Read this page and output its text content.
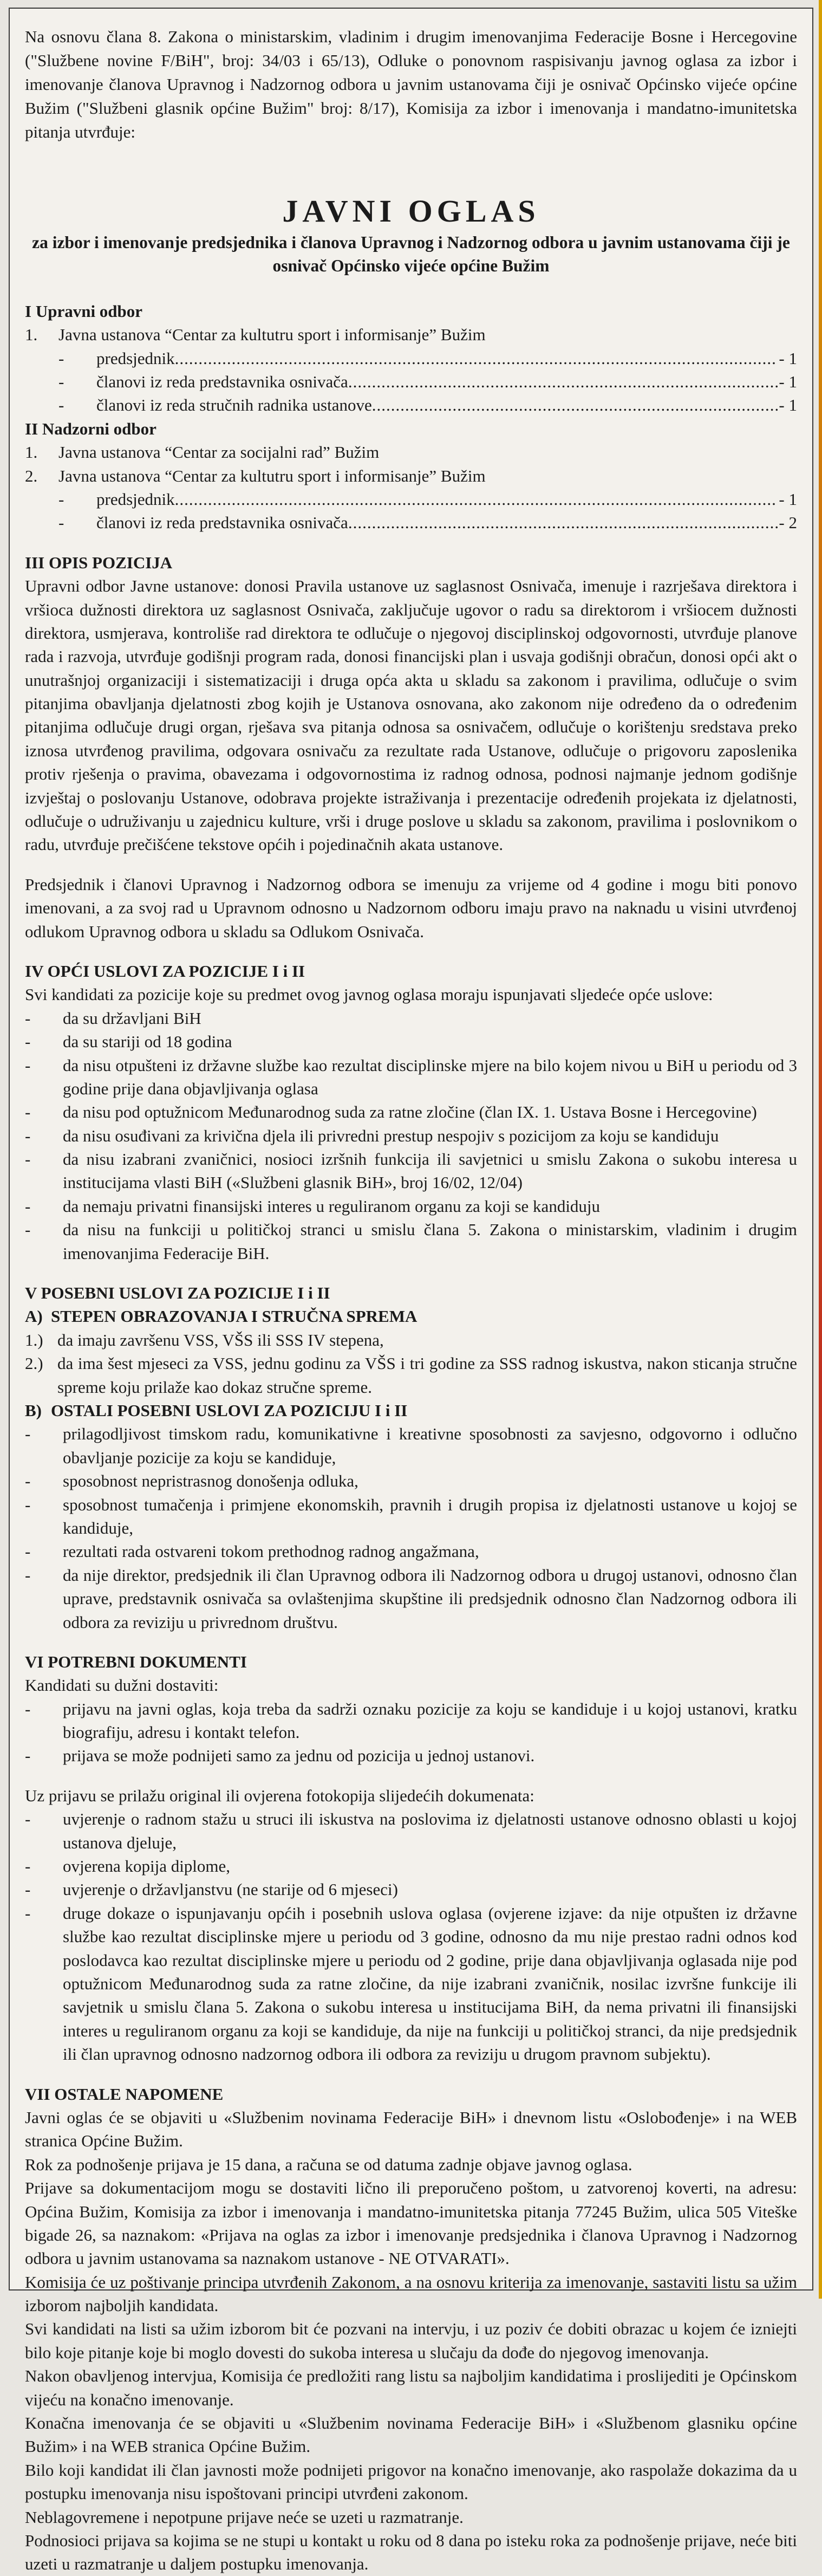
Na osnovu člana 8. Zakona o ministarskim, vladinim i drugim imenovanjima Federacije Bosne i Hercegovine ("Službene novine F/BiH", broj: 34/03 i 65/13), Odluke o ponovnom raspisivanju javnog oglasa za izbor i imenovanje članova Upravnog i Nadzornog odbora u javnim ustanovama čiji je osnivač Općinsko vijeće općine Bužim ("Službeni glasnik općine Bužim" broj: 8/17), Komisija za izbor i imenovanja i mandatno-imunitetska pitanja utvrđuje:

JAVNI OGLAS
za izbor i imenovanje predsjednika i članova Upravnog i Nadzornog odbora u javnim ustanovama čiji je osnivač Općinsko vijeće općine Bužim
I Upravni odbor
1.	Javna ustanova “Centar za kultutru sport i informisanje” Bužim
-	predsjednik .....	- 1
-	članovi iz reda predstavnika osnivača .....	- 1
-	članovi iz reda stručnih radnika ustanove .....	- 1
II Nadzorni odbor
1.	Javna ustanova “Centar za socijalni rad” Bužim
2.	Javna ustanova “Centar za kultutru sport i informisanje” Bužim
-	predsjednik .....	- 1
-	članovi iz reda predstavnika osnivača .....	- 2
III OPIS POZICIJA

Upravni odbor Javne ustanove: donosi Pravila ustanove uz saglasnost Osnivača, imenuje i razrješava direktora i vršioca dužnosti direktora uz saglasnost Osnivača, zaključuje ugovor o radu sa direktorom i vršiocem dužnosti direktora, usmjerava, kontroliše rad direktora te odlučuje o njegovoj disciplinskoj odgovornosti, utvrđuje planove rada i razvoja, utvrđuje godišnji program rada, donosi financijski plan i usvaja godišnji obračun, donosi opći akt o unutrašnjoj organizaciji i sistematizaciji i druga opća akta u skladu sa zakonom i pravilima, odlučuje o svim pitanjima obavljanja djelatnosti zbog kojih je Ustanova osnovana, ako zakonom nije određeno da o određenim pitanjima odlučuje drugi organ, rješava sva pitanja odnosa sa osnivačem, odlučuje o korištenju sredstava preko iznosa utvrđenog pravilima, odgovara osnivaču za rezultate rada Ustanove, odlučuje o prigovoru zaposlenika protiv rješenja o pravima, obavezama i odgovornostima iz radnog odnosa, podnosi najmanje jednom godišnje izvještaj o poslovanju Ustanove, odobrava projekte istraživanja i prezentacije određenih projekata iz djelatnosti, odlučuje o udruživanju u zajednicu kulture, vrši i druge poslove u skladu sa zakonom, pravilima i poslovnikom o radu, utvrđuje prečišćene tekstove općih i pojedinačnih akata ustanove.

Predsjednik i članovi Upravnog i Nadzornog odbora se imenuju za vrijeme od 4 godine i mogu biti ponovo imenovani, a za svoj rad u Upravnom odnosno u Nadzornom odboru imaju pravo na naknadu u visini utvrđenoj odlukom Upravnog odbora u skladu sa Odlukom Osnivača.

IV OPĆI USLOVI ZA POZICIJE I i II

Svi kandidati za pozicije koje su predmet ovog javnog oglasa moraju ispunjavati sljedeće opće uslove:

-	da su državljani BiH
-	da su stariji od 18 godina
-	da nisu otpušteni iz državne službe kao rezultat disciplinske mjere na bilo kojem nivou u BiH u periodu od 3 godine prije dana objavljivanja oglasa
-	da nisu pod optužnicom Međunarodnog suda za ratne zločine (član IX. 1. Ustava Bosne i Hercegovine)
-	da nisu osuđivani za krivična djela ili privredni prestup nespojiv s pozicijom za koju se kandiduju
-	da nisu izabrani zvaničnici, nosioci izršnih funkcija ili savjetnici u smislu Zakona o sukobu interesa u institucijama vlasti BiH («Službeni glasnik BiH», broj 16/02, 12/04)
-	da nemaju privatni finansijski interes u reguliranom organu za koji se kandiduju
-	da nisu na funkciji u političkoj stranci u smislu člana 5. Zakona o ministarskim, vladinim i drugim imenovanjima Federacije BiH.
V POSEBNI USLOVI ZA POZICIJE I i II
A) STEPEN OBRAZOVANJA I STRUČNA SPREMA
1.) da imaju završenu VSS, VŠS ili SSS IV stepena,
2.) da ima šest mjeseci za VSS, jednu godinu za VŠS i tri godine za SSS radnog iskustva, nakon sticanja stručne spreme koju prilaže kao dokaz stručne spreme.
B) OSTALI POSEBNI USLOVI ZA POZICIJU I i II
-	prilagodljivost timskom radu, komunikativne i kreativne sposobnosti za savjesno, odgovorno i odlučno obavljanje pozicije za koju se kandiduje,
-	sposobnost nepristrasnog donošenja odluka,
-	sposobnost tumačenja i primjene ekonomskih, pravnih i drugih propisa iz djelatnosti ustanove u kojoj se kandiduje,
-	rezultati rada ostvareni tokom prethodnog radnog angažmana,
-	da nije direktor, predsjednik ili član Upravnog odbora ili Nadzornog odbora u drugoj ustanovi, odnosno član uprave, predstavnik osnivača sa ovlaštenjima skupštine ili predsjednik odnosno član Nadzornog odbora ili odbora za reviziju u privrednom društvu.
VI POTREBNI DOKUMENTI

Kandidati su dužni dostaviti:

-	prijavu na javni oglas, koja treba da sadrži oznaku pozicije za koju se kandiduje i u kojoj ustanovi, kratku biografiju, adresu i kontakt telefon.
-	prijava se može podnijeti samo za jednu od pozicija u jednoj ustanovi.

Uz prijavu se prilažu original ili ovjerena fotokopija slijedećih dokumenata:

-	uvjerenje o radnom stažu u struci ili iskustva na poslovima iz djelatnosti ustanove odnosno oblasti u kojoj ustanova djeluje,
-	ovjerena kopija diplome,
-	uvjerenje o državljanstvu (ne starije od 6 mjeseci)
-	druge dokaze o ispunjavanju općih i posebnih uslova oglasa (ovjerene izjave: da nije otpušten iz državne službe kao rezultat disciplinske mjere u periodu od 3 godine, odnosno da mu nije prestao radni odnos kod poslodavca kao rezultat disciplinske mjere u periodu od 2 godine, prije dana objavljivanja oglasada nije pod optužnicom Međunarodnog suda za ratne zločine, da nije izabrani zvaničnik, nosilac izvršne funkcije ili savjetnik u smislu člana 5. Zakona o sukobu interesa u institucijama BiH, da nema privatni ili finansijski interes u reguliranom organu za koji se kandiduje, da nije na funkciji u političkoj stranci, da nije predsjednik ili član upravnog odnosno nadzornog odbora ili odbora za reviziju u drugom pravnom subjektu).
VII OSTALE NAPOMENE

Javni oglas će se objaviti u «Službenim novinama Federacije BiH» i dnevnom listu «Oslobođenje» i na WEB stranica Općine Bužim.

Rok za podnošenje prijava je 15 dana, a računa se od datuma zadnje objave javnog oglasa.

Prijave sa dokumentacijom mogu se dostaviti lično ili preporučeno poštom, u zatvorenoj koverti, na adresu: Općina Bužim, Komisija za izbor i imenovanja i mandatno-imunitetska pitanja 77245 Bužim, ulica 505 Viteške bigade 26, sa naznakom: «Prijava na oglas za izbor i imenovanje predsjednika i članova Upravnog i Nadzornog odbora u javnim ustanovama sa naznakom ustanove - NE OTVARATI».

Komisija će uz poštivanje principa utvrđenih Zakonom, a na osnovu kriterija za imenovanje, sastaviti listu sa užim izborom najboljih kandidata.

Svi kandidati na listi sa užim izborom bit će pozvani na intervju, i uz poziv će dobiti obrazac u kojem će izniejti bilo koje pitanje koje bi moglo dovesti do sukoba interesa u slučaju da dođe do njegovog imenovanja.

Nakon obavljenog intervjua, Komisija će predložiti rang listu sa najboljim kandidatima i proslijediti je Općinskom vijeću na konačno imenovanje.

Konačna imenovanja će se objaviti u «Službenim novinama Federacije BiH» i «Službenom glasniku općine Bužim» i na WEB stranica Općine Bužim.

Bilo koji kandidat ili član javnosti može podnijeti prigovor na konačno imenovanje, ako raspolaže dokazima da u postupku imenovanja nisu ispoštovani principi utvrđeni zakonom.

Neblagovremene i nepotpune prijave neće se uzeti u razmatranje.

Podnosioci prijava sa kojima se ne stupi u kontakt u roku od 8 dana po isteku roka za podnošenje prijave, neće biti uzeti u razmatranje u daljem postupku imenovanja.
